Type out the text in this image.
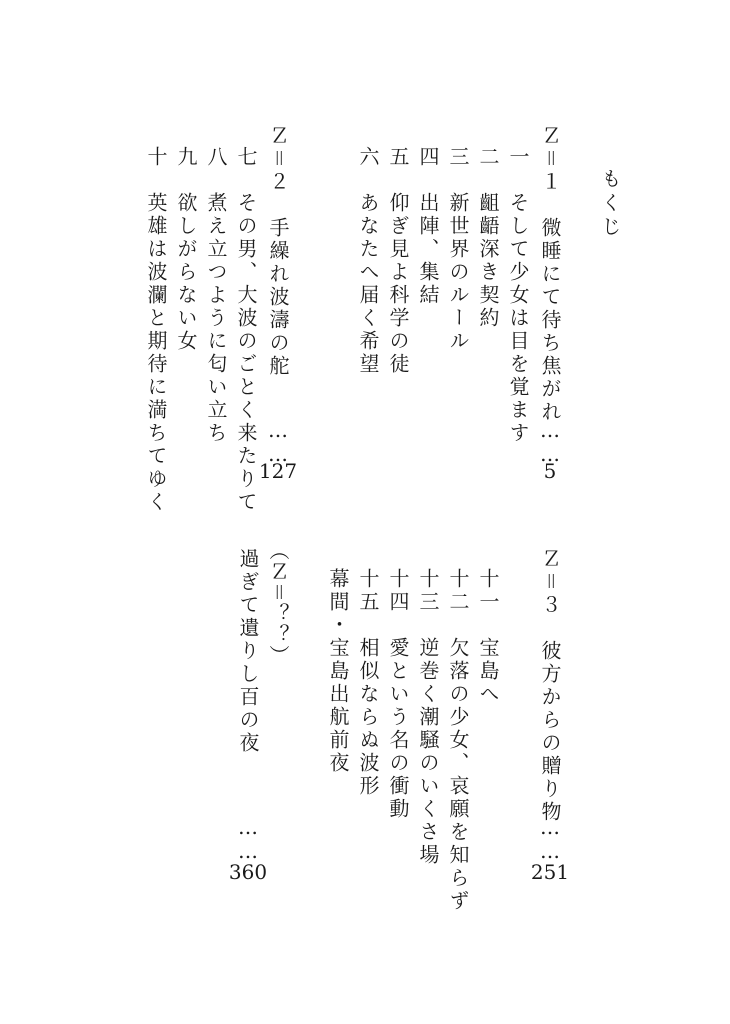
もくじ
Ｚ＝１　微睡にて待ち焦がれ
……
5
一　そして少女は目を覚ます
二　齟齬深き契約
三　新世界のルール
四　出陣、集結
五　仰ぎ見よ科学の徒
六　あなたへ届く希望
Ｚ＝２　手繰れ波濤の舵
……
127
七　その男、大波のごとく来たりて
八　煮え立つように匂い立ち
九　欲しがらない女
十　英雄は波瀾と期待に満ちてゆく
Ｚ＝３　彼方からの贈り物
……
251
十一　宝島へ
十二　欠落の少女、哀願を知らず
十三　逆巻く潮騒のいくさ場
十四　愛という名の衝動
十五　相似ならぬ波形
幕間・宝島出航前夜
（Ｚ＝？？）
過ぎて遺りし百の夜
……
360
